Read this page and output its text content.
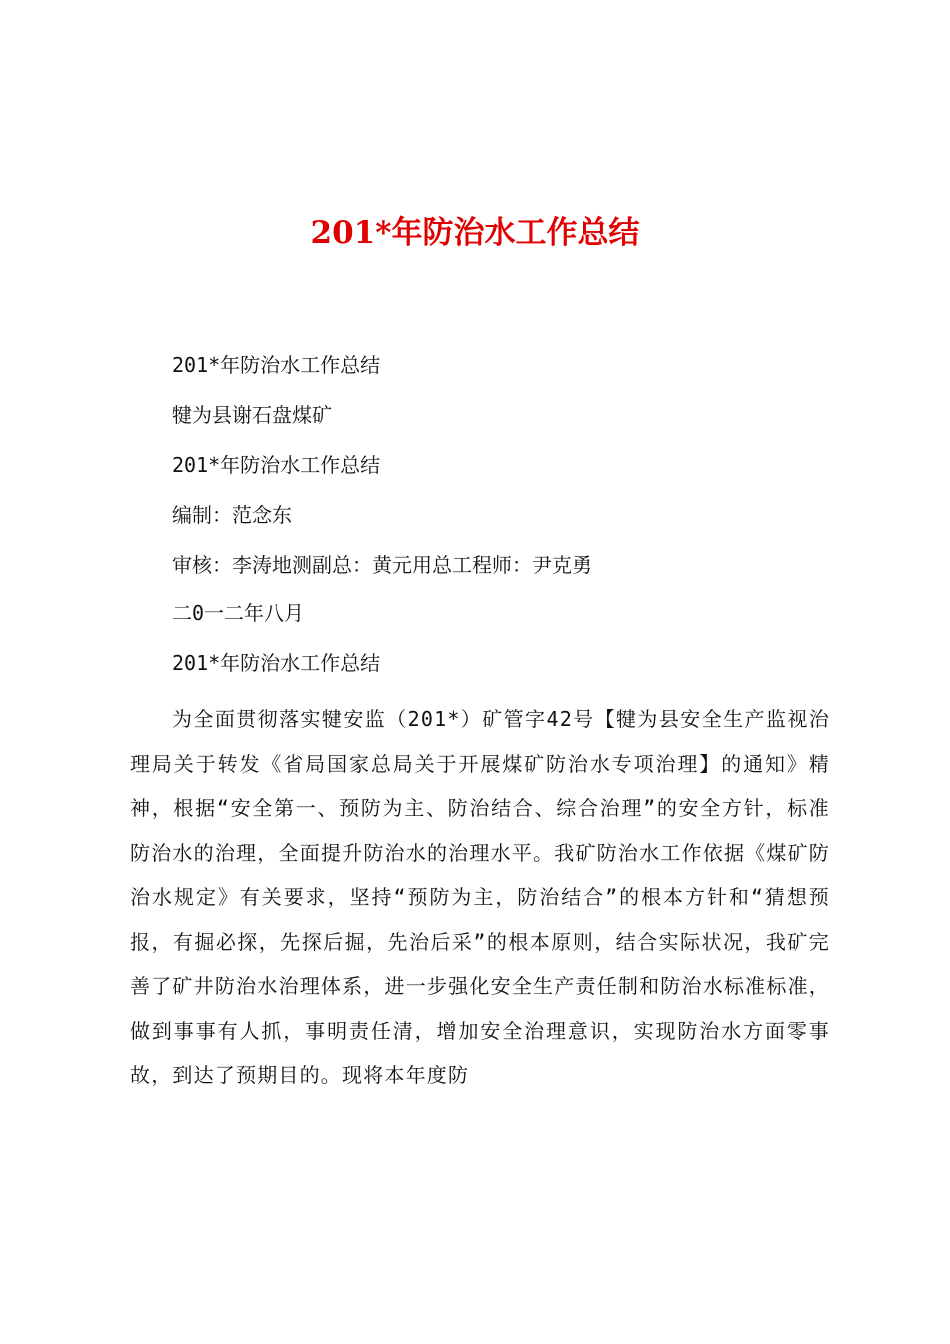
201*年防治水工作总结
201*年防治水工作总结
犍为县谢石盘煤矿
201*年防治水工作总结
编制：范念东
审核：李涛地测副总：黄元用总工程师：尹克勇
二0一二年八月
201*年防治水工作总结

为全面贯彻落实犍安监（201*）矿管字42号【犍为县安全生产监视治理局关于转发《省局国家总局关于开展煤矿防治水专项治理】的通知》精神，根据“安全第一、预防为主、防治结合、综合治理”的安全方针，标准防治水的治理，全面提升防治水的治理水平。我矿防治水工作依据《煤矿防治水规定》有关要求，坚持“预防为主，防治结合”的根本方针和“猜想预报，有掘必探，先探后掘，先治后采”的根本原则，结合实际状况，我矿完善了矿井防治水治理体系，进一步强化安全生产责任制和防治水标准标准，做到事事有人抓，事明责任清，增加安全治理意识，实现防治水方面零事故，到达了预期目的。现将本年度防
